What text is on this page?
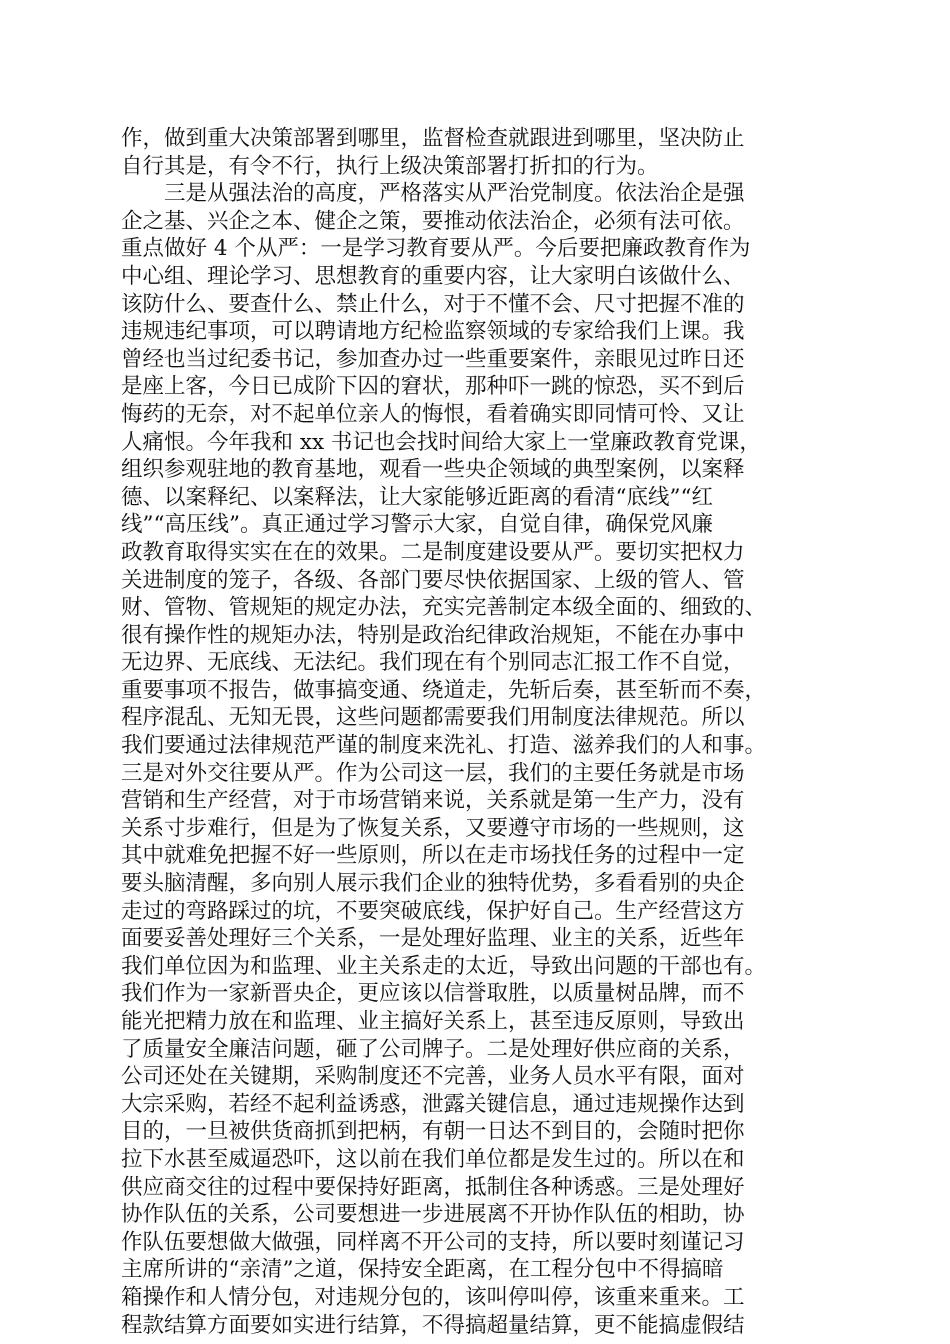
作，做到重大决策部署到哪里，监督检查就跟进到哪里，坚决防止
自行其是，有令不行，执行上级决策部署打折扣的行为。
三是从强法治的高度，严格落实从严治党制度。依法治企是强
企之基、兴企之本、健企之策，要推动依法治企，必须有法可依。
重点做好 4 个从严：一是学习教育要从严。今后要把廉政教育作为
中心组、理论学习、思想教育的重要内容，让大家明白该做什么、
该防什么、要查什么、禁止什么，对于不懂不会、尺寸把握不准的
违规违纪事项，可以聘请地方纪检监察领域的专家给我们上课。我
曾经也当过纪委书记，参加查办过一些重要案件，亲眼见过昨日还
是座上客，今日已成阶下囚的窘状，那种吓一跳的惊恐，买不到后
悔药的无奈，对不起单位亲人的悔恨，看着确实即同情可怜、又让
人痛恨。今年我和 xx 书记也会找时间给大家上一堂廉政教育党课，
组织参观驻地的教育基地，观看一些央企领域的典型案例，以案释
德、以案释纪、以案释法，让大家能够近距离的看清“底线”“红
线”“高压线”。真正通过学习警示大家，自觉自律，确保党风廉
政教育取得实实在在的效果。二是制度建设要从严。要切实把权力
关进制度的笼子，各级、各部门要尽快依据国家、上级的管人、管
财、管物、管规矩的规定办法，充实完善制定本级全面的、细致的、
很有操作性的规矩办法，特别是政治纪律政治规矩，不能在办事中
无边界、无底线、无法纪。我们现在有个别同志汇报工作不自觉，
重要事项不报告，做事搞变通、绕道走，先斩后奏，甚至斩而不奏，
程序混乱、无知无畏，这些问题都需要我们用制度法律规范。所以
我们要通过法律规范严谨的制度来洗礼、打造、滋养我们的人和事。
三是对外交往要从严。作为公司这一层，我们的主要任务就是市场
营销和生产经营，对于市场营销来说，关系就是第一生产力，没有
关系寸步难行，但是为了恢复关系，又要遵守市场的一些规则，这
其中就难免把握不好一些原则，所以在走市场找任务的过程中一定
要头脑清醒，多向别人展示我们企业的独特优势，多看看别的央企
走过的弯路踩过的坑，不要突破底线，保护好自己。生产经营这方
面要妥善处理好三个关系，一是处理好监理、业主的关系，近些年
我们单位因为和监理、业主关系走的太近，导致出问题的干部也有。
我们作为一家新晋央企，更应该以信誉取胜，以质量树品牌，而不
能光把精力放在和监理、业主搞好关系上，甚至违反原则，导致出
了质量安全廉洁问题，砸了公司牌子。二是处理好供应商的关系，
公司还处在关键期，采购制度还不完善，业务人员水平有限，面对
大宗采购，若经不起利益诱惑，泄露关键信息，通过违规操作达到
目的，一旦被供货商抓到把柄，有朝一日达不到目的，会随时把你
拉下水甚至威逼恐吓，这以前在我们单位都是发生过的。所以在和
供应商交往的过程中要保持好距离，抵制住各种诱惑。三是处理好
协作队伍的关系，公司要想进一步进展离不开协作队伍的相助，协
作队伍要想做大做强，同样离不开公司的支持，所以要时刻谨记习
主席所讲的“亲清”之道，保持安全距离，在工程分包中不得搞暗
箱操作和人情分包，对违规分包的，该叫停叫停，该重来重来。工
程款结算方面要如实进行结算，不得搞超量结算，更不能搞虚假结
